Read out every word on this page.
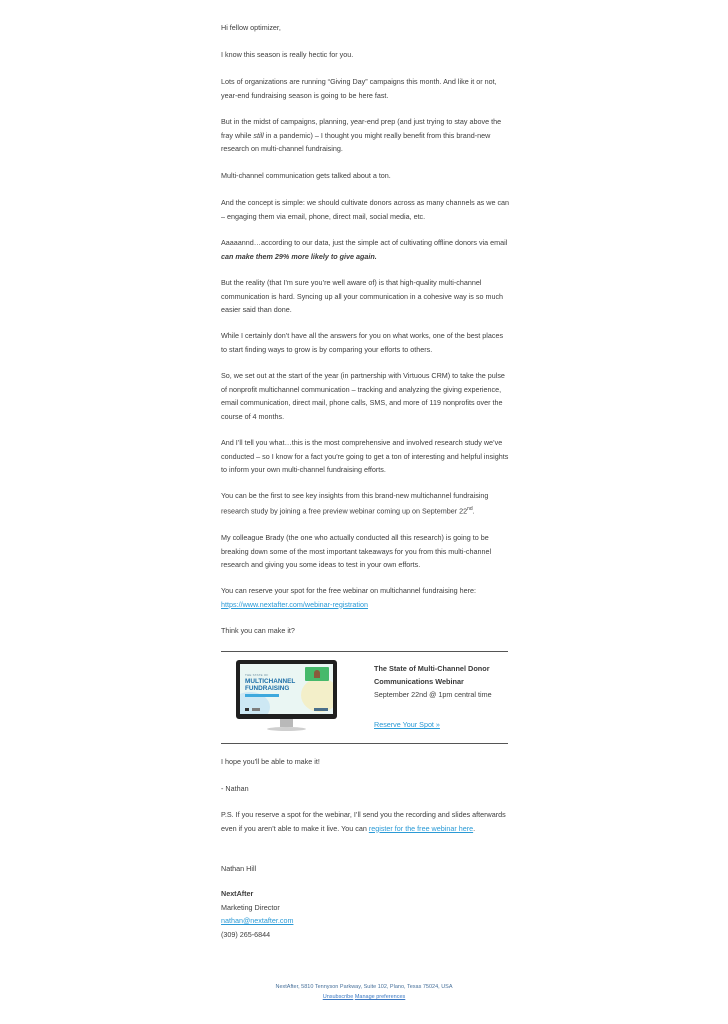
Hi fellow optimizer,

I know this season is really hectic for you.

Lots of organizations are running “Giving Day” campaigns this month. And like it or not, year-end fundraising season is going to be here fast.

But in the midst of campaigns, planning, year-end prep (and just trying to stay above the fray while still in a pandemic) – I thought you might really benefit from this brand-new research on multi-channel fundraising.

Multi-channel communication gets talked about a ton.

And the concept is simple: we should cultivate donors across as many channels as we can – engaging them via email, phone, direct mail, social media, etc.

Aaaaannd…according to our data, just the simple act of cultivating offline donors via email can make them 29% more likely to give again.

But the reality (that I’m sure you’re well aware of) is that high-quality multi-channel communication is hard. Syncing up all your communication in a cohesive way is so much easier said than done.

While I certainly don’t have all the answers for you on what works, one of the best places to start finding ways to grow is by comparing your efforts to others.

So, we set out at the start of the year (in partnership with Virtuous CRM) to take the pulse of nonprofit multichannel communication – tracking and analyzing the giving experience, email communication, direct mail, phone calls, SMS, and more of 119 nonprofits over the course of 4 months.

And I’ll tell you what…this is the most comprehensive and involved research study we’ve conducted – so I know for a fact you’re going to get a ton of interesting and helpful insights to inform your own multi-channel fundraising efforts.

You can be the first to see key insights from this brand-new multichannel fundraising research study by joining a free preview webinar coming up on September 22nd.

My colleague Brady (the one who actually conducted all this research) is going to be breaking down some of the most important takeaways for you from this multi-channel research and giving you some ideas to test in your own efforts.

You can reserve your spot for the free webinar on multichannel fundraising here:
https://www.nextafter.com/webinar-registration

Think you can make it?

THE STATE OF
MULTICHANNEL
FUNDRAISING
The State of Multi-Channel Donor Communications Webinar
September 22nd @ 1pm central time
Reserve Your Spot »

I hope you'll be able to make it!

- Nathan

P.S. If you reserve a spot for the webinar, I’ll send you the recording and slides afterwards even if you aren’t able to make it live. You can register for the free webinar here.

Nathan Hill

NextAfter
Marketing Director
nathan@nextafter.com
(309) 265-6844
NextAfter, 5810 Tennyson Parkway, Suite 102, Plano, Texas 75024, USA
Unsubscribe Manage preferences
